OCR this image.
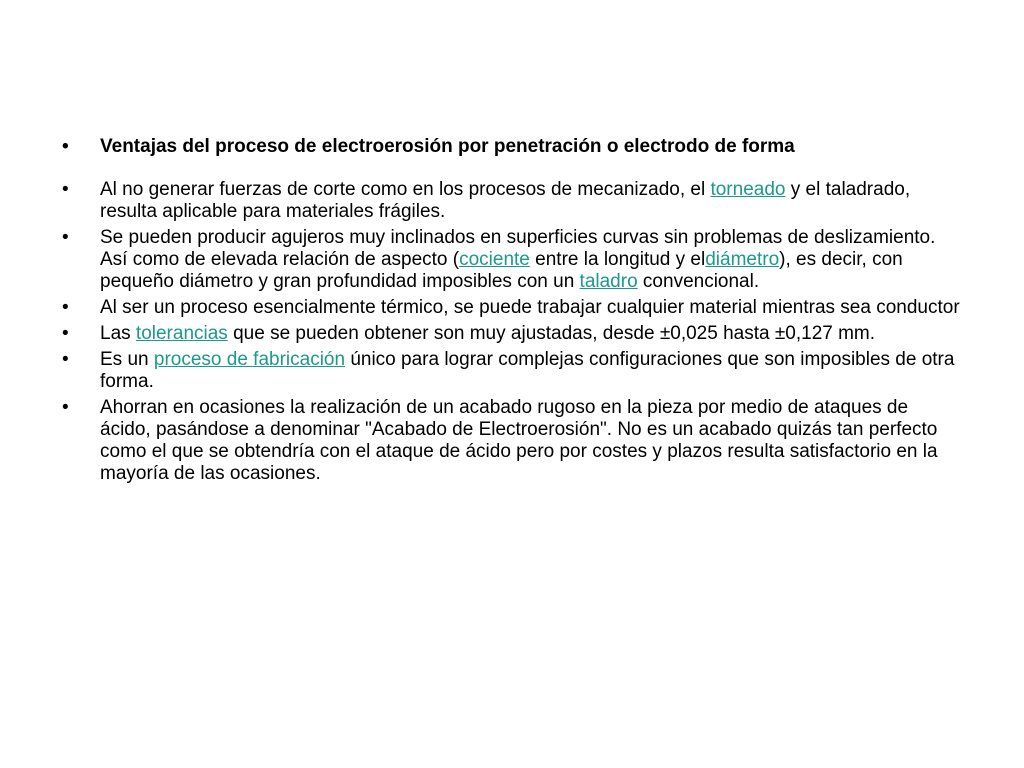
•	Ventajas del proceso de electroerosión por penetración o electrodo de forma
•	Al no generar fuerzas de corte como en los procesos de mecanizado, el torneado y el taladrado, resulta aplicable para materiales frágiles.
•	Se pueden producir agujeros muy inclinados en superficies curvas sin problemas de deslizamiento. Así como de elevada relación de aspecto (cociente entre la longitud y eldiámetro), es decir, con pequeño diámetro y gran profundidad imposibles con un taladro convencional.
•	Al ser un proceso esencialmente térmico, se puede trabajar cualquier material mientras sea conductor
•	Las tolerancias que se pueden obtener son muy ajustadas, desde ±0,025 hasta ±0,127 mm.
•	Es un proceso de fabricación único para lograr complejas configuraciones que son imposibles de otra forma.
•	Ahorran en ocasiones la realización de un acabado rugoso en la pieza por medio de ataques de ácido, pasándose a denominar "Acabado de Electroerosión". No es un acabado quizás tan perfecto como el que se obtendría con el ataque de ácido pero por costes y plazos resulta satisfactorio en la mayoría de las ocasiones.
